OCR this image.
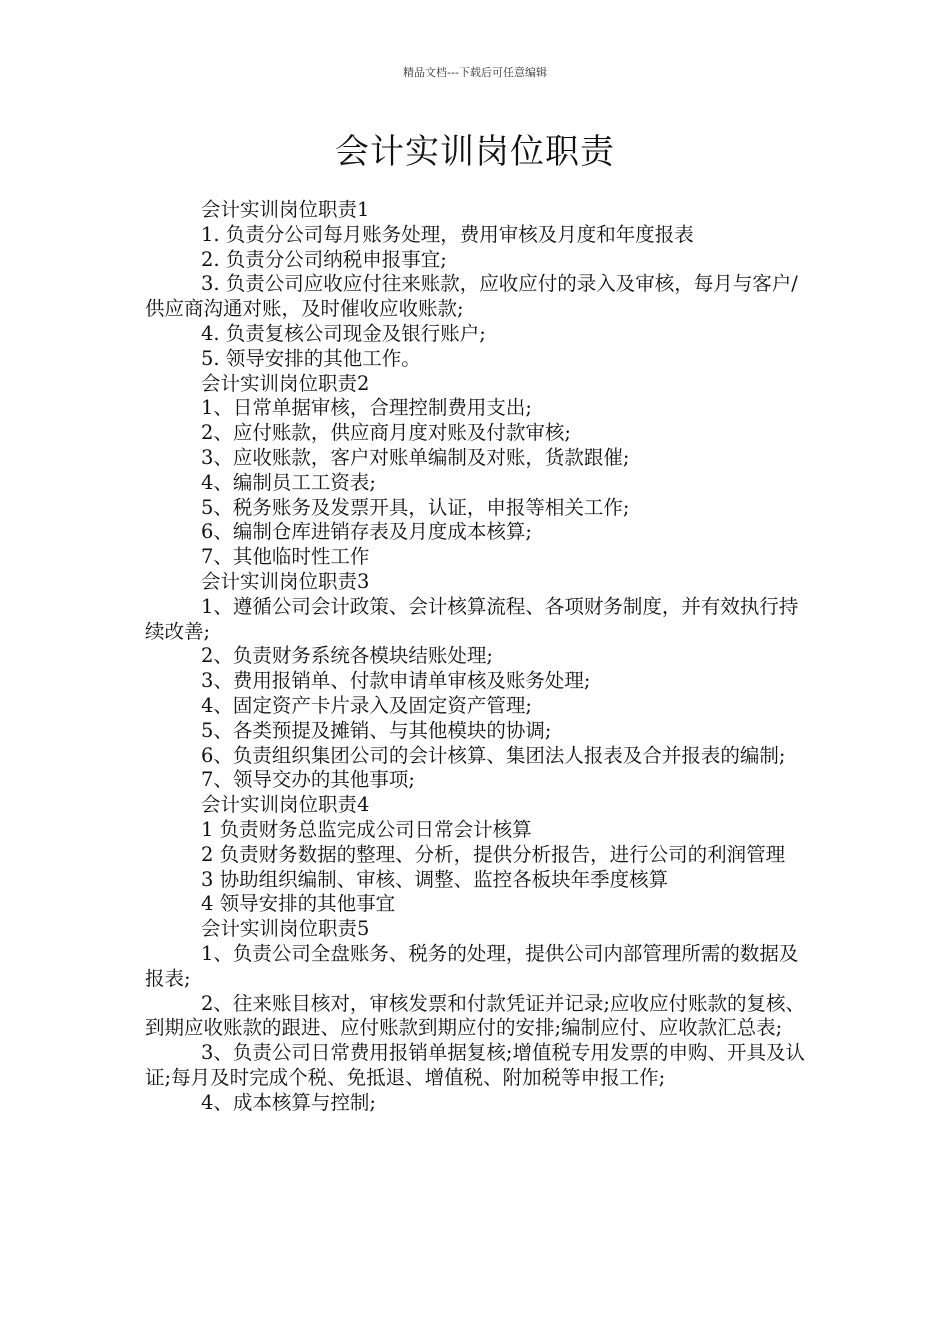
精品文档---下载后可任意编辑
会计实训岗位职责

会计实训岗位职责1

1. 负责分公司每月账务处理，费用审核及月度和年度报表

2. 负责分公司纳税申报事宜;

3. 负责公司应收应付往来账款，应收应付的录入及审核，每月与客户/供应商沟通对账，及时催收应收账款;

4. 负责复核公司现金及银行账户;

5. 领导安排的其他工作。

会计实训岗位职责2

1、日常单据审核，合理控制费用支出;

2、应付账款，供应商月度对账及付款审核;

3、应收账款，客户对账单编制及对账，货款跟催;

4、编制员工工资表;

5、税务账务及发票开具，认证，申报等相关工作;

6、编制仓库进销存表及月度成本核算;

7、其他临时性工作

会计实训岗位职责3

1、遵循公司会计政策、会计核算流程、各项财务制度，并有效执行持续改善;

2、负责财务系统各模块结账处理;

3、费用报销单、付款申请单审核及账务处理;

4、固定资产卡片录入及固定资产管理;

5、各类预提及摊销、与其他模块的协调;

6、负责组织集团公司的会计核算、集团法人报表及合并报表的编制;

7、领导交办的其他事项;

会计实训岗位职责4

1 负责财务总监完成公司日常会计核算

2 负责财务数据的整理、分析，提供分析报告，进行公司的利润管理

3 协助组织编制、审核、调整、监控各板块年季度核算

4 领导安排的其他事宜

会计实训岗位职责5

1、负责公司全盘账务、税务的处理，提供公司内部管理所需的数据及报表;

2、往来账目核对，审核发票和付款凭证并记录;应收应付账款的复核、到期应收账款的跟进、应付账款到期应付的安排;编制应付、应收款汇总表;

3、负责公司日常费用报销单据复核;增值税专用发票的申购、开具及认证;每月及时完成个税、免抵退、增值税、附加税等申报工作;

4、成本核算与控制;
